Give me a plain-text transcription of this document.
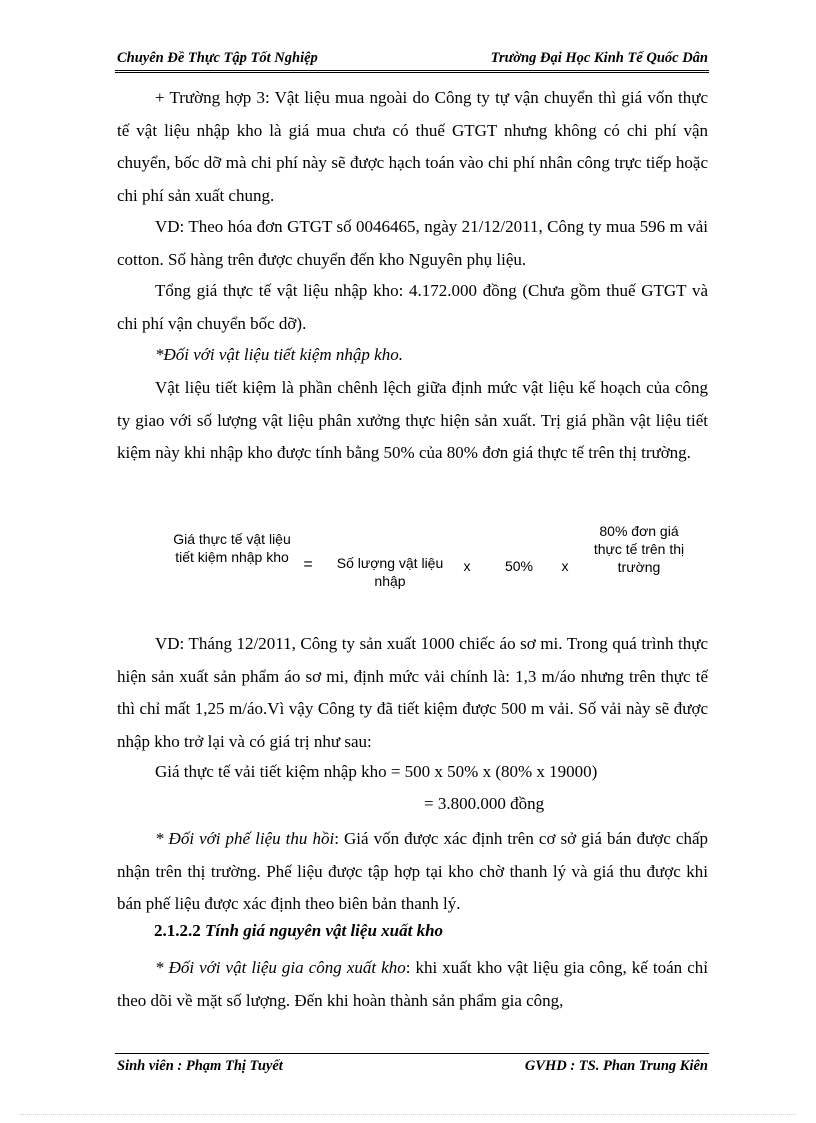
Chuyên Đề Thực Tập Tốt Nghiệp	Trường Đại Học Kinh Tế Quốc Dân

+ Trường hợp 3: Vật liệu mua ngoài do Công ty tự vận chuyển thì giá vốn thực tế vật liệu nhập kho là giá mua chưa có thuế GTGT nhưng không có chi phí vận chuyển, bốc dỡ mà chi phí này sẽ được hạch toán vào chi phí nhân công trực tiếp hoặc chi phí sản xuất chung.

VD: Theo hóa đơn GTGT số 0046465, ngày 21/12/2011, Công ty mua 596 m vải cotton. Số hàng trên được chuyển đến kho Nguyên phụ liệu.

Tổng giá thực tế vật liệu nhập kho: 4.172.000 đồng (Chưa gồm thuế GTGT và chi phí vận chuyển bốc dỡ).

*Đối với vật liệu tiết kiệm nhập kho.

Vật liệu tiết kiệm là phần chênh lệch giữa định mức vật liệu kế hoạch của công ty giao với số lượng vật liệu phân xưởng thực hiện sản xuất. Trị giá phần vật liệu tiết kiệm này khi nhập kho được tính bằng 50% của 80% đơn giá thực tế trên thị trường.

Giá thực tế vật liệu tiết kiệm nhập kho =	Số lượng vật liệu nhập
x	50%	x
80% đơn giá thực tế trên thị trường

VD: Tháng 12/2011, Công ty sản xuất 1000 chiếc áo sơ mi. Trong quá trình thực hiện sản xuất sản phẩm áo sơ mi, định mức vải chính là: 1,3 m/áo nhưng trên thực tế thì chỉ mất 1,25 m/áo.Vì vậy Công ty đã tiết kiệm được 500 m vải. Số vải này sẽ được nhập kho trở lại và có giá trị như sau:

Giá thực tế vải tiết kiệm nhập kho = 500 x 50% x (80% x 19000)
= 3.800.000 đồng

* Đối với phế liệu thu hồi: Giá vốn được xác định trên cơ sở giá bán được chấp nhận trên thị trường. Phế liệu được tập hợp tại kho chờ thanh lý và giá thu được khi bán phế liệu được xác định theo biên bản thanh lý.

2.1.2.2 Tính giá nguyên vật liệu xuất kho

* Đối với vật liệu gia công xuất kho: khi xuất kho vật liệu gia công, kế toán chỉ theo dõi về mặt số lượng. Đến khi hoàn thành sản phẩm gia công,

Sinh viên : Phạm Thị Tuyết	GVHD : TS. Phan Trung Kiên
